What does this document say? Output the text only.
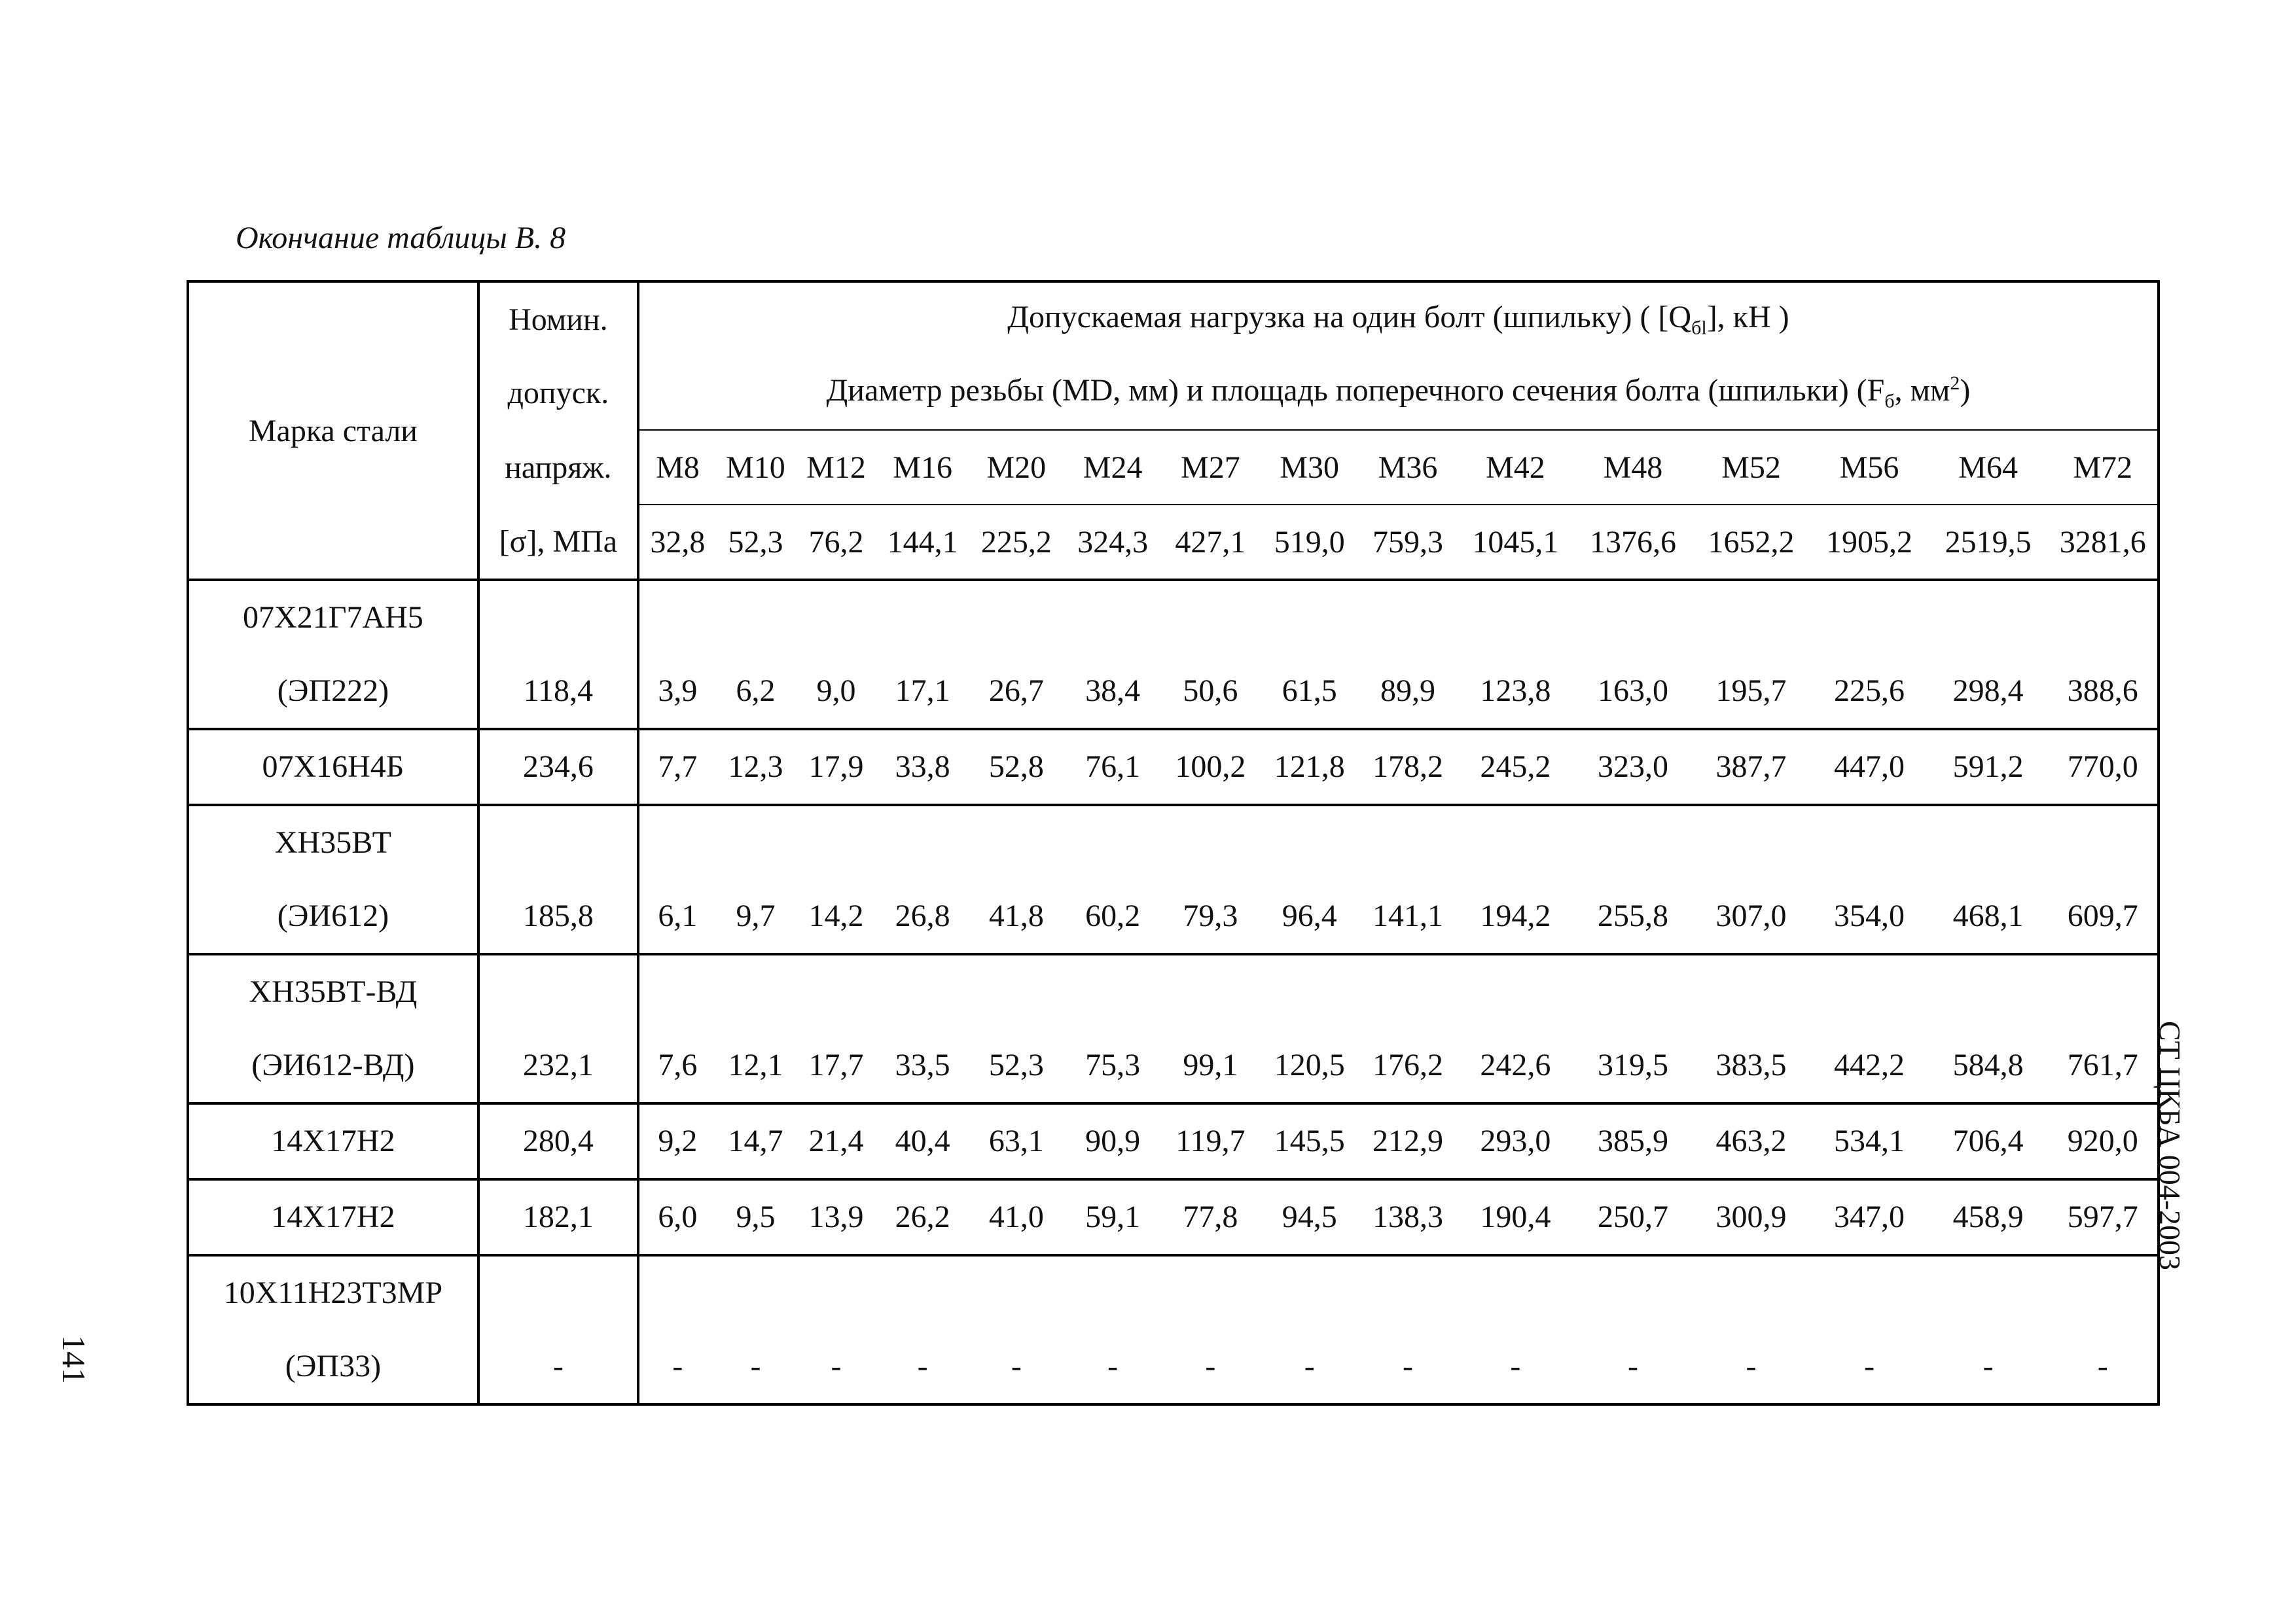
Окончание таблицы В. 8
Марка стали	Номин.	Допускаемая нагрузка на один болт (шпильку) ( $[Q_{бl}]$, кН )														
	допуск.	Диаметр резьбы (MD, мм) и площадь поперечного сечения болта (шпильки) ($F_б$, $мм^2$)														
	напряж.	M8	M10	M12	M16	M20	M24	M27	M30	M36	M42	M48	M52	M56	M64	M72
	[σ], МПа	32,8	52,3	76,2	144,1	225,2	324,3	427,1	519,0	759,3	1045,1	1376,6	1652,2	1905,2	2519,5	3281,6

07Х21Г7АН5
(ЭП222)	118,4	3,9	6,2	9,0	17,1	26,7	38,4	50,6	61,5	89,9	123,8	163,0	195,7	225,6	298,4	388,6

07Х16Н4Б	234,6	7,7	12,3	17,9	33,8	52,8	76,1	100,2	121,8	178,2	245,2	323,0	387,7	447,0	591,2	770,0

ХН35ВТ
(ЭИ612)	185,8	6,1	9,7	14,2	26,8	41,8	60,2	79,3	96,4	141,1	194,2	255,8	307,0	354,0	468,1	609,7

ХН35ВТ-ВД
(ЭИ612-ВД)	232,1	7,6	12,1	17,7	33,5	52,3	75,3	99,1	120,5	176,2	242,6	319,5	383,5	442,2	584,8	761,7

14Х17Н2	280,4	9,2	14,7	21,4	40,4	63,1	90,9	119,7	145,5	212,9	293,0	385,9	463,2	534,1	706,4	920,0

14Х17Н2	182,1	6,0	9,5	13,9	26,2	41,0	59,1	77,8	94,5	138,3	190,4	250,7	300,9	347,0	458,9	597,7

10Х11Н23Т3МР
(ЭП33)	-	-	-	-	-	-	-	-	-	-	-	-	-	-	-	-
СТ ЦКБА 004-2003
141
